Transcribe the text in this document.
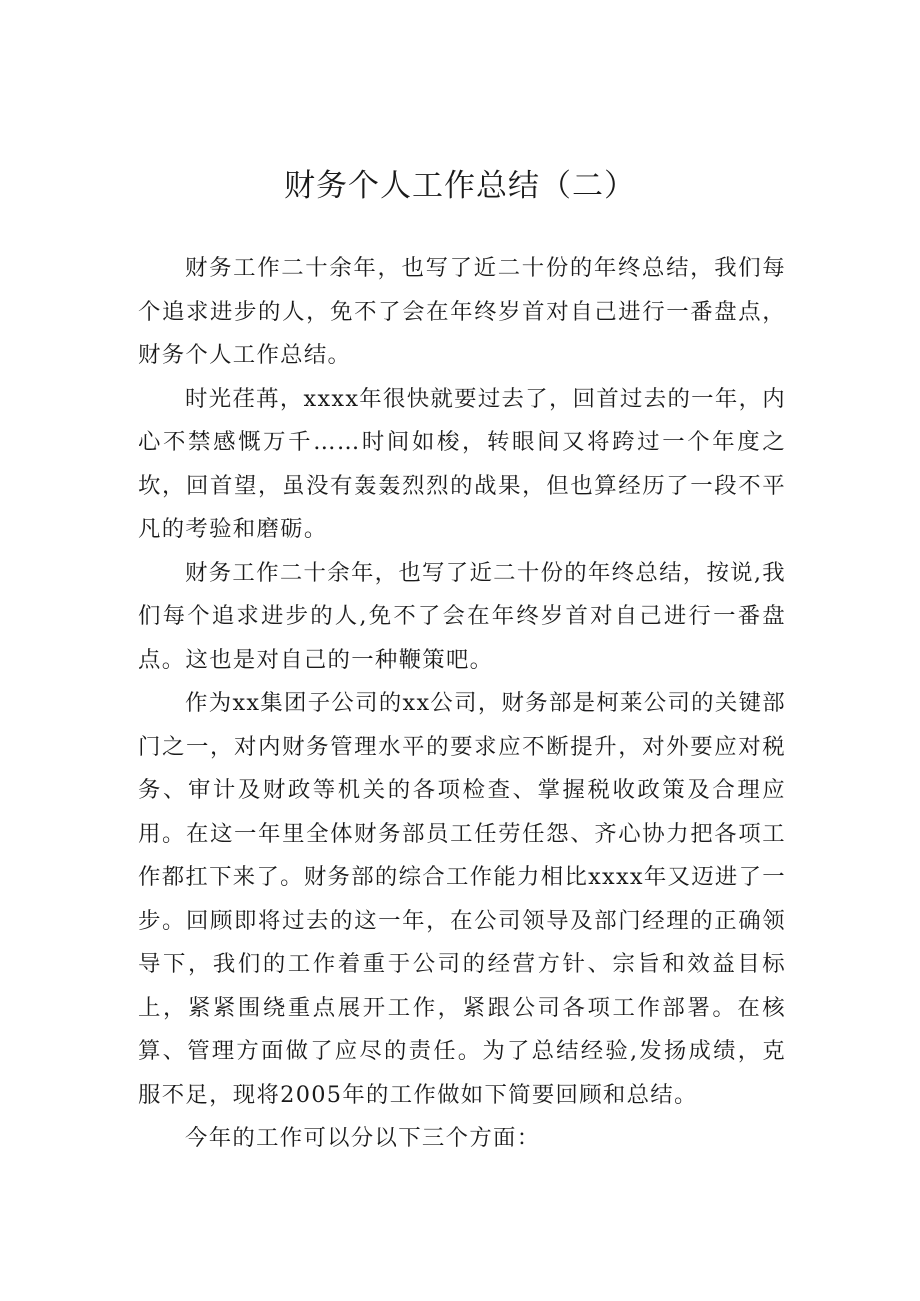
财务个人工作总结（二）

财务工作二十余年，也写了近二十份的年终总结，我们每个追求进步的人，免不了会在年终岁首对自己进行一番盘点，财务个人工作总结。

时光荏苒，xxxx年很快就要过去了，回首过去的一年，内心不禁感慨万千……时间如梭，转眼间又将跨过一个年度之坎，回首望，虽没有轰轰烈烈的战果，但也算经历了一段不平凡的考验和磨砺。

财务工作二十余年，也写了近二十份的年终总结，按说,我们每个追求进步的人,免不了会在年终岁首对自己进行一番盘点。这也是对自己的一种鞭策吧。

作为xx集团子公司的xx公司，财务部是柯莱公司的关键部门之一，对内财务管理水平的要求应不断提升，对外要应对税务、审计及财政等机关的各项检查、掌握税收政策及合理应用。在这一年里全体财务部员工任劳任怨、齐心协力把各项工作都扛下来了。财务部的综合工作能力相比xxxx年又迈进了一步。回顾即将过去的这一年，在公司领导及部门经理的正确领导下，我们的工作着重于公司的经营方针、宗旨和效益目标上，紧紧围绕重点展开工作，紧跟公司各项工作部署。在核算、管理方面做了应尽的责任。为了总结经验,发扬成绩，克服不足，现将2005年的工作做如下简要回顾和总结。

今年的工作可以分以下三个方面：
